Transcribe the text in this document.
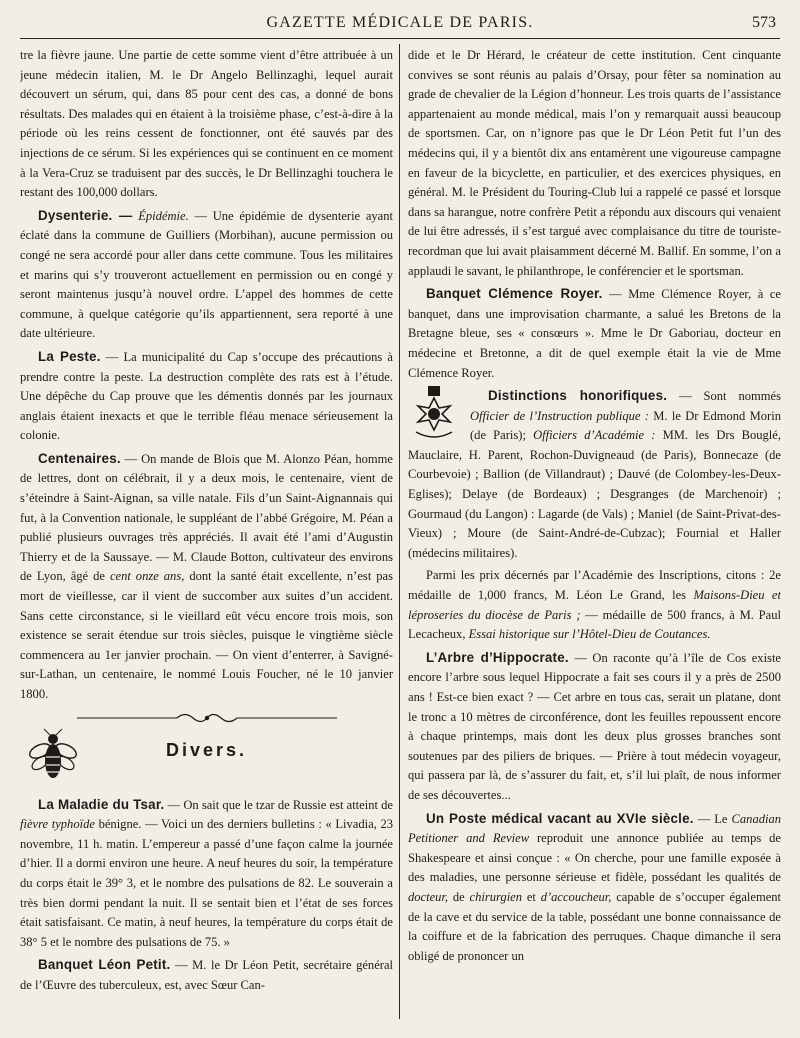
GAZETTE MÉDICALE DE PARIS.	573

tre la fièvre jaune. Une partie de cette somme vient d’être attribuée à un jeune médecin italien, M. le Dr Angelo Bellinzaghi, lequel aurait découvert un sérum, qui, dans 85 pour cent des cas, a donné de bons résultats. Des malades qui en étaient à la troisième phase, c’est-à-dire à la période où les reins cessent de fonctionner, ont été sauvés par des injections de ce sérum. Si les expériences qui se continuent en ce moment à la Vera-Cruz se traduisent par des succès, le Dr Bellinzaghi touchera le restant des 100,000 dollars.

Dysenterie. — Épidémie. — Une épidémie de dysenterie ayant éclaté dans la commune de Guilliers (Morbihan), aucune permission ou congé ne sera accordé pour aller dans cette commune. Tous les militaires et marins qui s’y trouveront actuellement en permission ou en congé y seront maintenus jusqu’à nouvel ordre. L’appel des hommes de cette commune, à quelque catégorie qu’ils appartiennent, sera reporté à une date ultérieure.

La Peste. — La municipalité du Cap s’occupe des précautions à prendre contre la peste. La destruction complète des rats est à l’étude. Une dépêche du Cap prouve que les démentis donnés par les journaux anglais étaient inexacts et que le terrible fléau menace sérieusement la colonie.

Centenaires. — On mande de Blois que M. Alonzo Péan, homme de lettres, dont on célébrait, il y a deux mois, le centenaire, vient de s’éteindre à Saint-Aignan, sa ville natale. Fils d’un Saint-Aignannais qui fut, à la Convention nationale, le suppléant de l’abbé Grégoire, M. Péan a publié plusieurs ouvrages très appréciés. Il avait été l’ami d’Augustin Thierry et de la Saussaye. — M. Claude Botton, cultivateur des environs de Lyon, âgé de cent onze ans, dont la santé était excellente, n’est pas mort de vieillesse, car il vient de succomber aux suites d’un accident. Sans cette circonstance, si le vieillard eût vécu encore trois mois, son existence se serait étendue sur trois siècles, puisque le vingtième siècle commencera au 1er janvier prochain. — On vient d’enterrer, à Savigné-sur-Lathan, un centenaire, le nommé Louis Foucher, né le 10 janvier 1800.

Divers.

La Maladie du Tsar. — On sait que le tzar de Russie est atteint de fièvre typhoïde bénigne. — Voici un des derniers bulletins : « Livadia, 23 novembre, 11 h. matin. L’empereur a passé d’une façon calme la journée d’hier. Il a dormi environ une heure. A neuf heures du soir, la température du corps était le 39° 3, et le nombre des pulsations de 82. Le souverain a très bien dormi pendant la nuit. Il se sentait bien et l’état de ses forces était satisfaisant. Ce matin, à neuf heures, la température du corps était de 38° 5 et le nombre des pulsations de 75. »

Banquet Léon Petit. — M. le Dr Léon Petit, secrétaire général de l’Œuvre des tuberculeux, est, avec Sœur Can-

dide et le Dr Hérard, le créateur de cette institution. Cent cinquante convives se sont réunis au palais d’Orsay, pour fêter sa nomination au grade de chevalier de la Légion d’honneur. Les trois quarts de l’assistance appartenaient au monde médical, mais l’on y remarquait aussi beaucoup de sportsmen. Car, on n’ignore pas que le Dr Léon Petit fut l’un des médecins qui, il y a bientôt dix ans entamèrent une vigoureuse campagne en faveur de la bicyclette, en particulier, et des exercices physiques, en général. M. le Président du Touring-Club lui a rappelé ce passé et lorsque dans sa harangue, notre confrère Petit a répondu aux discours qui venaient de lui être adressés, il s’est targué avec complaisance du titre de touriste-recordman que lui avait plaisamment décerné M. Ballif. En somme, l’on a applaudi le savant, le philanthrope, le conférencier et le sportsman.

Banquet Clémence Royer. — Mme Clémence Royer, à ce banquet, dans une improvisation charmante, a salué les Bretons de la Bretagne bleue, ses « consœurs ». Mme le Dr Gaboriau, docteur en médecine et Bretonne, a dit de quel exemple était la vie de Mme Clémence Royer.

Distinctions honorifiques. — Sont nommés Officier de l’Instruction publique : M. le Dr Edmond Morin (de Paris); Officiers d’Académie : MM. les Drs Bouglé, Mauclaire, H. Parent, Rochon-Duvigneaud (de Paris), Bonnecaze (de Courbevoie) ; Ballion (de Villandraut) ; Dauvé (de Colombey-les-Deux-Eglises); Delaye (de Bordeaux) ; Desgranges (de Marchenoir) ; Gourmaud (du Langon) : Lagarde (de Vals) ; Maniel (de Saint-Privat-des-Vieux) ; Moure (de Saint-André-de-Cubzac); Fournial et Haller (médecins militaires).

Parmi les prix décernés par l’Académie des Inscriptions, citons : 2e médaille de 1,000 francs, M. Léon Le Grand, les Maisons-Dieu et léproseries du diocèse de Paris ; — médaille de 500 francs, à M. Paul Lecacheux, Essai historique sur l’Hôtel-Dieu de Coutances.

L’Arbre d’Hippocrate. — On raconte qu’à l’île de Cos existe encore l’arbre sous lequel Hippocrate a fait ses cours il y a près de 2500 ans ! Est-ce bien exact ? — Cet arbre en tous cas, serait un platane, dont le tronc a 10 mètres de circonférence, dont les feuilles repoussent encore à chaque printemps, mais dont les deux plus grosses branches sont soutenues par des piliers de briques. — Prière à tout médecin voyageur, qui passera par là, de s’assurer du fait, et, s’il lui plaît, de nous informer de ses découvertes...

Un Poste médical vacant au XVIe siècle. — Le Canadian Petitioner and Review reproduit une annonce publiée au temps de Shakespeare et ainsi conçue : « On cherche, pour une famille exposée à des maladies, une personne sérieuse et fidèle, possédant les qualités de docteur, de chirurgien et d’accoucheur, capable de s’occuper également de la cave et du service de la table, possédant une bonne connaissance de la coiffure et de la fabrication des perruques. Chaque dimanche il sera obligé de prononcer un
